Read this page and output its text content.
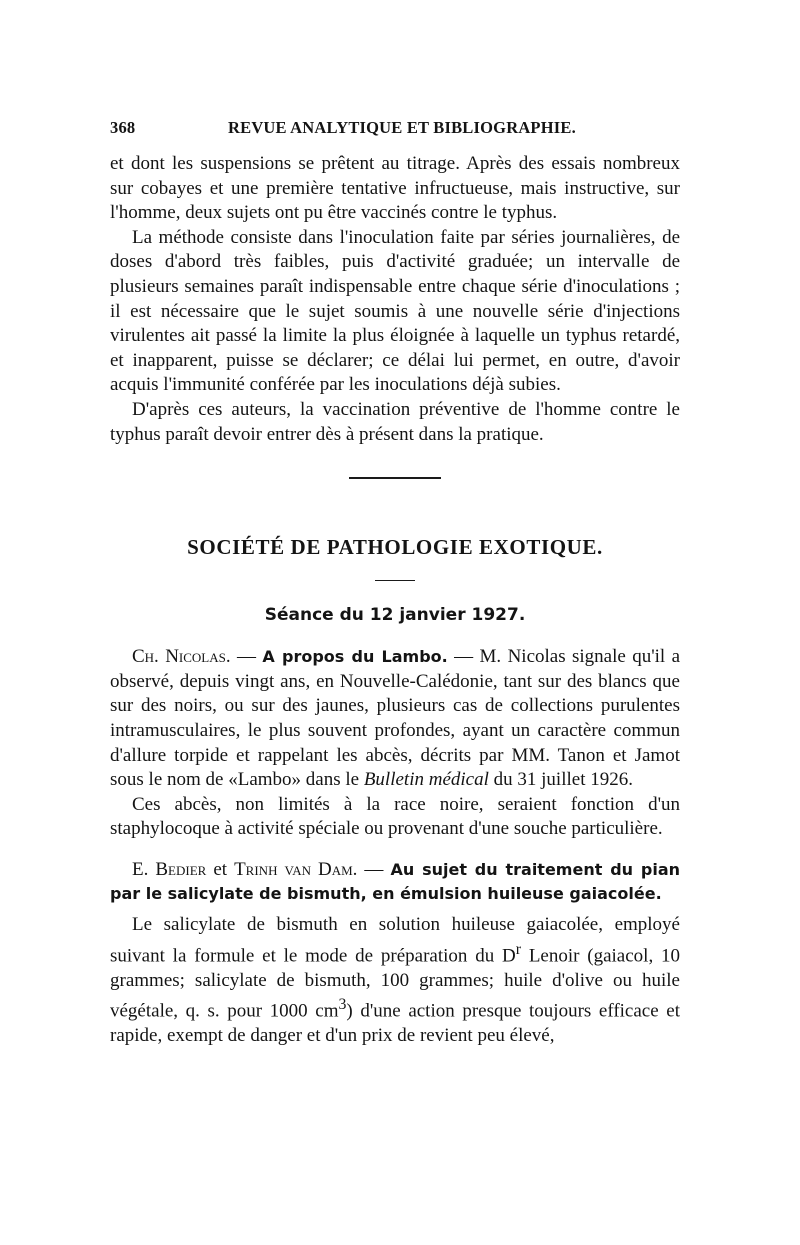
368	REVUE ANALYTIQUE ET BIBLIOGRAPHIE.

et dont les suspensions se prêtent au titrage. Après des essais nombreux sur cobayes et une première tentative infructueuse, mais instructive, sur l'homme, deux sujets ont pu être vaccinés contre le typhus.

La méthode consiste dans l'inoculation faite par séries journalières, de doses d'abord très faibles, puis d'activité graduée; un intervalle de plusieurs semaines paraît indispensable entre chaque série d'inoculations ; il est nécessaire que le sujet soumis à une nouvelle série d'injections virulentes ait passé la limite la plus éloignée à laquelle un typhus retardé, et inapparent, puisse se déclarer; ce délai lui permet, en outre, d'avoir acquis l'immunité conférée par les inoculations déjà subies.

D'après ces auteurs, la vaccination préventive de l'homme contre le typhus paraît devoir entrer dès à présent dans la pratique.

SOCIÉTÉ DE PATHOLOGIE EXOTIQUE.
Séance du 12 janvier 1927.

Ch. Nicolas. — A propos du Lambo. — M. Nicolas signale qu'il a observé, depuis vingt ans, en Nouvelle-Calédonie, tant sur des blancs que sur des noirs, ou sur des jaunes, plusieurs cas de collections purulentes intramusculaires, le plus souvent profondes, ayant un caractère commun d'allure torpide et rappelant les abcès, décrits par MM. Tanon et Jamot sous le nom de «Lambo» dans le Bulletin médical du 31 juillet 1926.

Ces abcès, non limités à la race noire, seraient fonction d'un staphylocoque à activité spéciale ou provenant d'une souche particulière.

E. Bedier et Trinh van Dam. — Au sujet du traitement du pian par le salicylate de bismuth, en émulsion huileuse gaiacolée.

Le salicylate de bismuth en solution huileuse gaiacolée, employé suivant la formule et le mode de préparation du $D^r$ Lenoir (gaiacol, 10 grammes; salicylate de bismuth, 100 grammes; huile d'olive ou huile végétale, q. s. pour 1000 $cm^3$) d'une action presque toujours efficace et rapide, exempt de danger et d'un prix de revient peu élevé,
